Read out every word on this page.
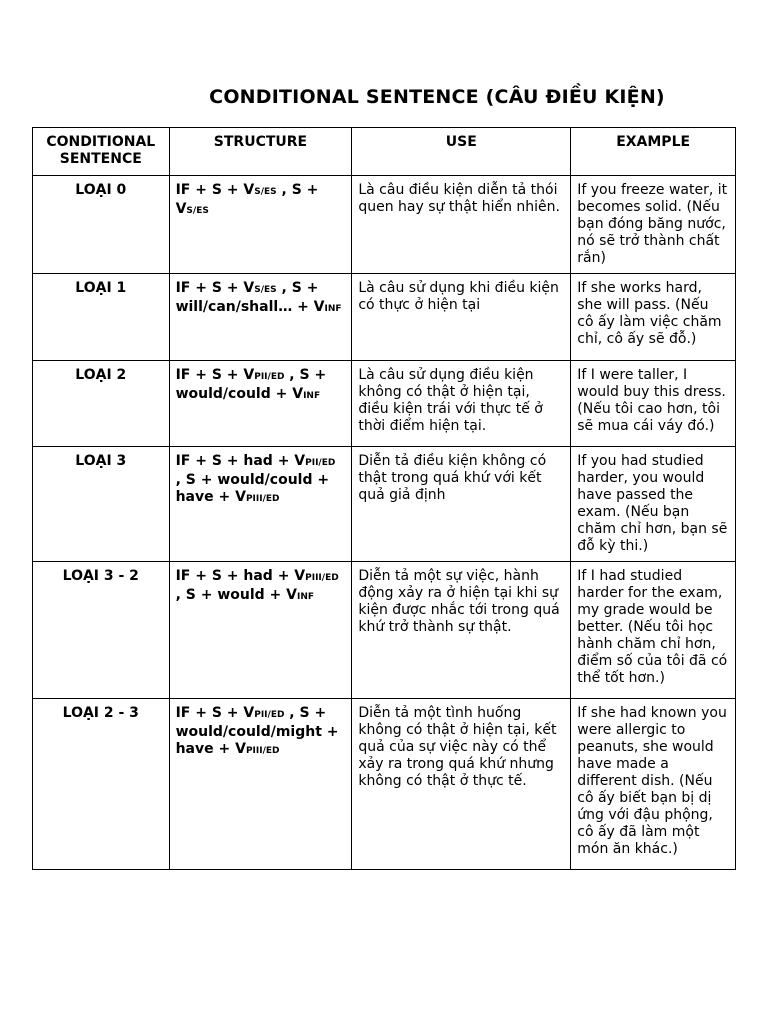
CONDITIONAL SENTENCE (CÂU ĐIỀU KIỆN)
CONDITIONAL SENTENCE	STRUCTURE	USE	EXAMPLE
LOẠI 0	IF + S + VS/ES , S + VS/ES	Là câu điều kiện diễn tả thói quen hay sự thật hiển nhiên.	If you freeze water, it becomes solid. (Nếu bạn đóng băng nước, nó sẽ trở thành chất rắn)
LOẠI 1	IF + S + VS/ES , S + will/can/shall… + VINF	Là câu sử dụng khi điều kiện có thực ở hiện tại	If she works hard, she will pass. (Nếu cô ấy làm việc chăm chỉ, cô ấy sẽ đỗ.)
LOẠI 2	IF + S + VPII/ED , S + would/could + VINF	Là câu sử dụng điều kiện không có thật ở hiện tại, điều kiện trái với thực tế ở thời điểm hiện tại.	If I were taller, I would buy this dress. (Nếu tôi cao hơn, tôi sẽ mua cái váy đó.)
LOẠI 3	IF + S + had + VPII/ED , S + would/could + have + VPIII/ED	Diễn tả điều kiện không có thật trong quá khứ với kết quả giả định	If you had studied harder, you would have passed the exam. (Nếu bạn chăm chỉ hơn, bạn sẽ đỗ kỳ thi.)
LOẠI 3 - 2	IF + S + had + VPIII/ED , S + would + VINF	Diễn tả một sự việc, hành động xảy ra ở hiện tại khi sự kiện được nhắc tới trong quá khứ trở thành sự thật.	If I had studied harder for the exam, my grade would be better. (Nếu tôi học hành chăm chỉ hơn, điểm số của tôi đã có thể tốt hơn.)
LOẠI 2 - 3	IF + S + VPII/ED , S + would/could/might + have + VPIII/ED	Diễn tả một tình huống không có thật ở hiện tại, kết quả của sự việc này có thể xảy ra trong quá khứ nhưng không có thật ở thực tế.	If she had known you were allergic to peanuts, she would have made a different dish. (Nếu cô ấy biết bạn bị dị ứng với đậu phộng, cô ấy đã làm một món ăn khác.)
